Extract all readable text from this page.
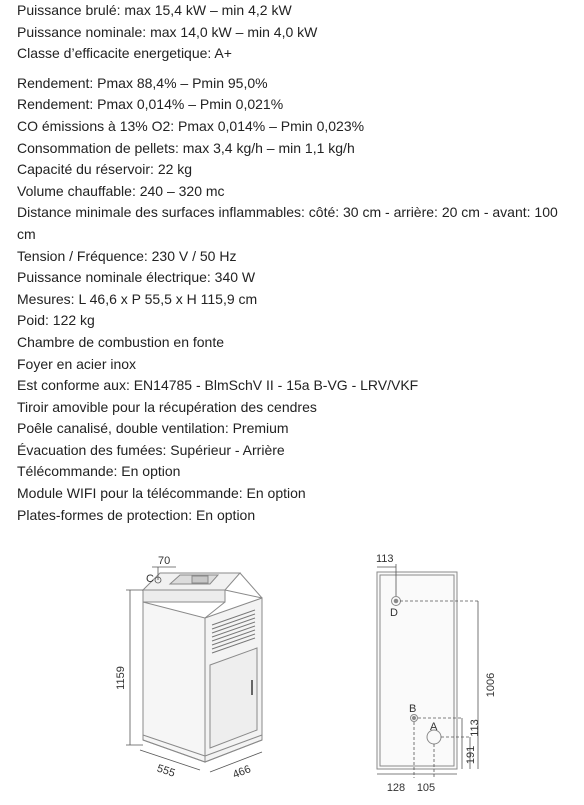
Puissance brulé: max 15,4 kW – min 4,2 kW
Puissance nominale: max 14,0 kW – min 4,0 kW
Classe d’efficacite energetique: A+
Rendement: Pmax 88,4% – Pmin 95,0%
Rendement: Pmax 0,014% – Pmin 0,021%
CO émissions à 13% O2: Pmax 0,014% – Pmin 0,023%
Consommation de pellets: max 3,4 kg/h – min 1,1 kg/h
Capacité du réservoir: 22 kg
Volume chauffable: 240 – 320 mc
Distance minimale des surfaces inflammables: côté: 30 cm - arrière: 20 cm - avant: 100 cm
Tension / Fréquence: 230 V / 50 Hz
Puissance nominale électrique: 340 W
Mesures: L 46,6 x P 55,5 x H 115,9 cm
Poid: 122 kg
Chambre de combustion en fonte
Foyer en acier inox
Est conforme aux: EN14785 - BlmSchV II - 15a B-VG - LRV/VKF
Tiroir amovible pour la récupération des cendres
Poêle canalisé, double ventilation: Premium
Évacuation des fumées: Supérieur - Arrière
Télécommande: En option
Module WIFI pour la télécommande: En option
Plates-formes de protection: En option
70
C
1159
555	466
113
D
B
A
1006
191
113
128 105
